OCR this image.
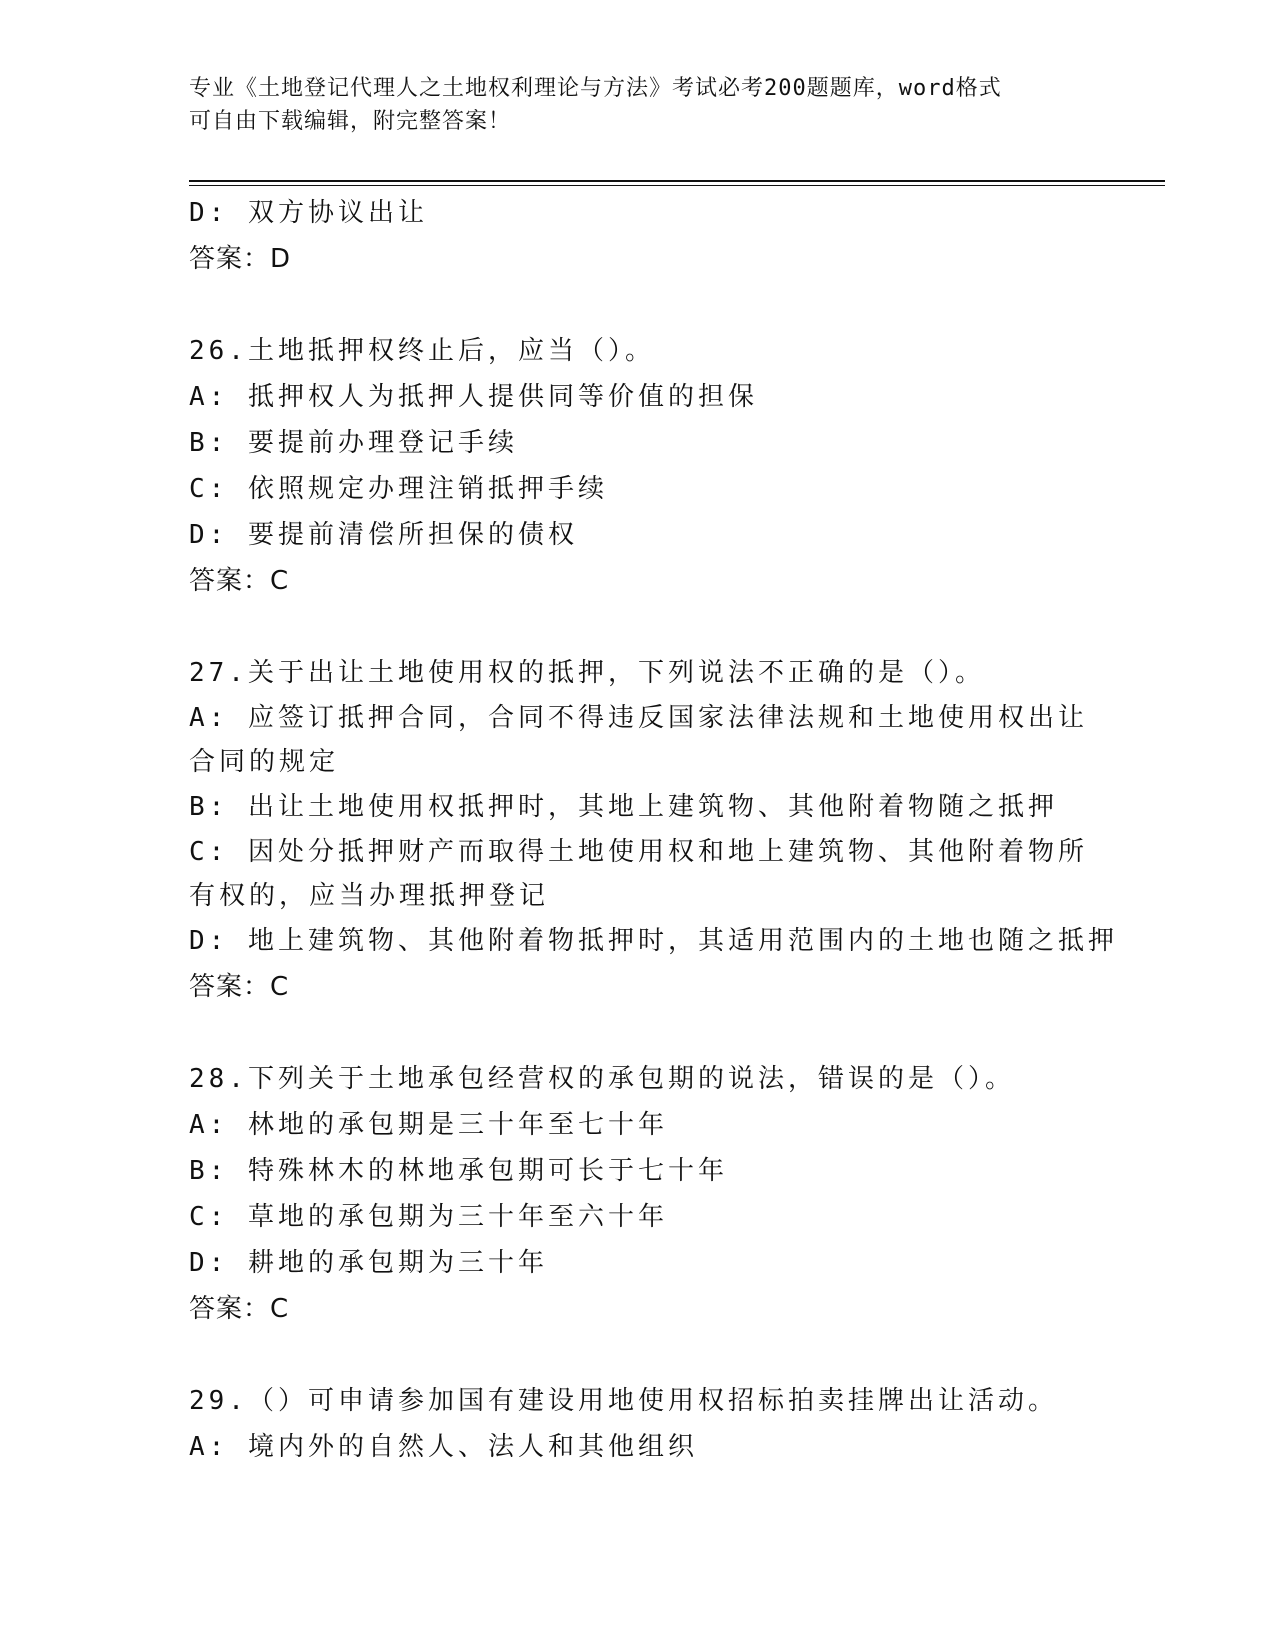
专业《土地登记代理人之土地权利理论与方法》考试必考200题题库，word格式
可自由下载编辑，附完整答案！
D: 双方协议出让
答案：D
26.土地抵押权终止后，应当（）。
A: 抵押权人为抵押人提供同等价值的担保
B: 要提前办理登记手续
C: 依照规定办理注销抵押手续
D: 要提前清偿所担保的债权
答案：C
27.关于出让土地使用权的抵押，下列说法不正确的是（）。
A: 应签订抵押合同，合同不得违反国家法律法规和土地使用权出让合同的规定
B: 出让土地使用权抵押时，其地上建筑物、其他附着物随之抵押
C: 因处分抵押财产而取得土地使用权和地上建筑物、其他附着物所有权的，应当办理抵押登记
D: 地上建筑物、其他附着物抵押时，其适用范围内的土地也随之抵押
答案：C
28.下列关于土地承包经营权的承包期的说法，错误的是（）。
A: 林地的承包期是三十年至七十年
B: 特殊林木的林地承包期可长于七十年
C: 草地的承包期为三十年至六十年
D: 耕地的承包期为三十年
答案：C
29.（）可申请参加国有建设用地使用权招标拍卖挂牌出让活动。
A: 境内外的自然人、法人和其他组织
